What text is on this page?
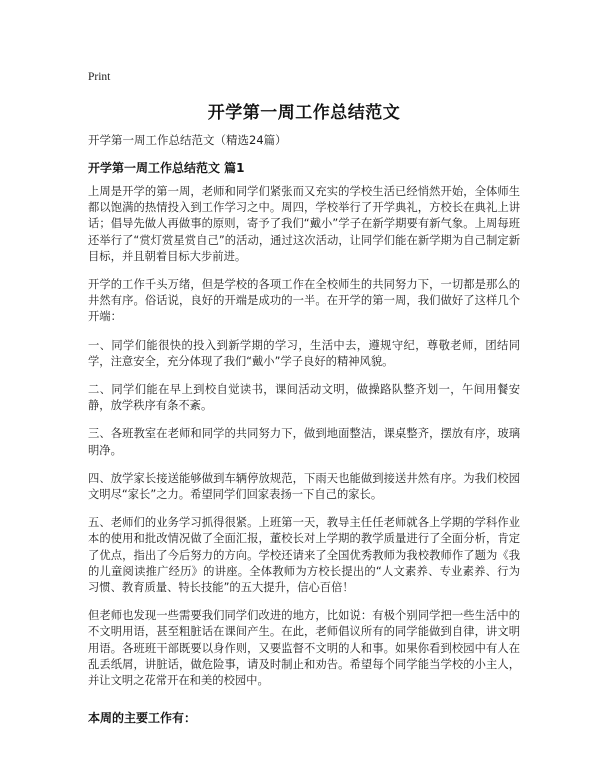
Print
开学第一周工作总结范文
开学第一周工作总结范文（精选24篇）
开学第一周工作总结范文 篇1

上周是开学的第一周，老师和同学们紧张而又充实的学校生活已经悄然开始，全体师生都以饱满的热情投入到工作学习之中。周四，学校举行了开学典礼，方校长在典礼上讲话；倡导先做人再做事的原则，寄予了我们“戴小”学子在新学期要有新气象。上周每班还举行了“赏灯赏星赏自己”的活动，通过这次活动，让同学们能在新学期为自己制定新目标，并且朝着目标大步前进。

开学的工作千头万绪，但是学校的各项工作在全校师生的共同努力下，一切都是那么的井然有序。俗话说，良好的开端是成功的一半。在开学的第一周，我们做好了这样几个开端：

一、同学们能很快的投入到新学期的学习，生活中去，遵规守纪，尊敬老师，团结同学，注意安全，充分体现了我们“戴小”学子良好的精神风貌。

二、同学们能在早上到校自觉读书，课间活动文明，做操路队整齐划一，午间用餐安静，放学秩序有条不紊。

三、各班教室在老师和同学的共同努力下，做到地面整洁，课桌整齐，摆放有序，玻璃明净。

四、放学家长接送能够做到车辆停放规范，下雨天也能做到接送井然有序。为我们校园文明尽“家长”之力。希望同学们回家表扬一下自己的家长。

五、老师们的业务学习抓得很紧。上班第一天，教导主任任老师就各上学期的学科作业本的使用和批改情况做了全面汇报，董校长对上学期的教学质量进行了全面分析，肯定了优点，指出了今后努力的方向。学校还请来了全国优秀教师为我校教师作了题为《我的儿童阅读推广经历》的讲座。全体教师为方校长提出的“人文素养、专业素养、行为习惯、教育质量、特长技能”的五大提升，信心百倍！

但老师也发现一些需要我们同学们改进的地方，比如说：有极个别同学把一些生活中的不文明用语，甚至粗脏话在课间产生。在此，老师倡议所有的同学能做到自律，讲文明用语。各班班干部既要以身作则，又要监督不文明的人和事。如果你看到校园中有人在乱丢纸屑，讲脏话，做危险事，请及时制止和劝告。希望每个同学能当学校的小主人，并让文明之花常开在和美的校园中。

本周的主要工作有：
